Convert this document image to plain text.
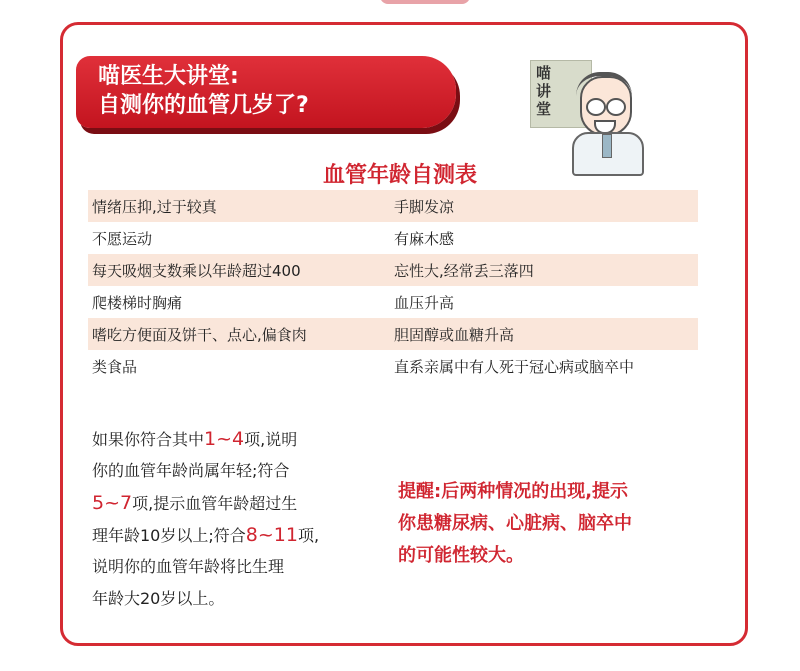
喵医生大讲堂:
自测你的血管几岁了?
喵
讲
堂
血管年龄自测表
情绪压抑,过于较真	手脚发凉
不愿运动	有麻木感
每天吸烟支数乘以年龄超过400	忘性大,经常丢三落四
爬楼梯时胸痛	血压升高
嗜吃方便面及饼干、点心,偏食肉	胆固醇或血糖升高
类食品	直系亲属中有人死于冠心病或脑卒中
如果你符合其中1~4项,说明
你的血管年龄尚属年轻;符合
5~7项,提示血管年龄超过生
理年龄10岁以上;符合8~11项,
说明你的血管年龄将比生理
年龄大20岁以上。
提醒:后两种情况的出现,提示
你患糖尿病、心脏病、脑卒中
的可能性较大。
